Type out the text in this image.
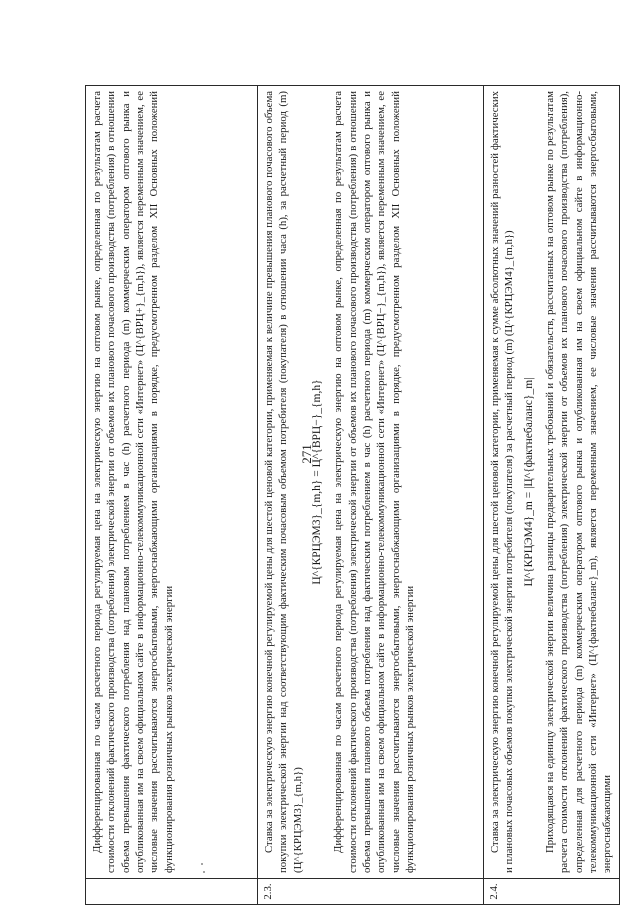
271

	Дифференцированная по часам расчетного периода регулируемая цена на электрическую энергию на оптовом рынке, определенная по результатам расчета стоимости отклонений фактического производства (потребления) электрической энергии от объемов их планового почасового производства (потребления) в отношении объема превышения фактического потребления над плановым потреблением в час (h) расчетного периода (m) коммерческим оператором оптового рынка и опубликованная им на своем официальном сайте в информационно-телекоммуникационной сети «Интернет» (Ц^{ВРЦ+}_{m,h}), является переменным значением, ее числовые значения рассчитываются энергосбытовыми, энергоснабжающими организациями в порядке, предусмотренном разделом XII Основных положений функционирования розничных рынков электрической энергии

2.3.	Ставка за электрическую энергию конечной регулируемой цены для шестой ценовой категории, применяемая к величине превышения планового почасового объема покупки электрической энергии над соответствующим фактическим почасовым объемом потребителя (покупателя) в отношении часа (h), за расчетный период (m) (Ц^{КРЦЭМ3}_{m,h})

Ц^{КРЦЭМ3}_{m,h} = Ц^{ВРЦ−}_{m,h} Дифференцированная по часам расчетного периода регулируемая цена на электрическую энергию на оптовом рынке, определенная по результатам расчета стоимости отклонений фактического производства (потребления) электрической энергии от объемов их планового почасового производства (потребления) в отношении объема превышения планового объема потребления над фактическим потреблением в час (h) расчетного периода (m) коммерческим оператором оптового рынка и опубликованная им на своем официальном сайте в информационно-телекоммуникационной сети «Интернет» (Ц^{ВРЦ−}_{m,h}), является переменным значением, ее числовые значения рассчитываются энергосбытовыми, энергоснабжающими организациями в порядке, предусмотренном разделом XII Основных положений функционирования розничных рынков электрической энергии

2.4.	Ставка за электрическую энергию конечной регулируемой цены для шестой ценовой категории, применяемая к сумме абсолютных значений разностей фактических и плановых почасовых объемов покупки электрической энергии потребителя (покупателя) за расчетный период (m) (Ц^{КРЦЭМ4}_{m,h}) Ц^{КРЦЭМ4}_m = |Ц^{фактнебаланс}_m| Приходящаяся на единицу электрической энергии величина разницы предварительных требований и обязательств, рассчитанных на оптовом рынке по результатам расчета стоимости отклонений фактического производства (потребления) электрической энергии от объемов их планового почасового производства (потребления), определенная для расчетного периода (m) коммерческим оператором оптового рынка и опубликованная им на своем официальном сайте в информационно-телекоммуникационной сети «Интернет» (Ц^{фактнебаланс}_m), является переменным значением, ее числовые значения рассчитываются энергосбытовыми, энергоснабжающими
